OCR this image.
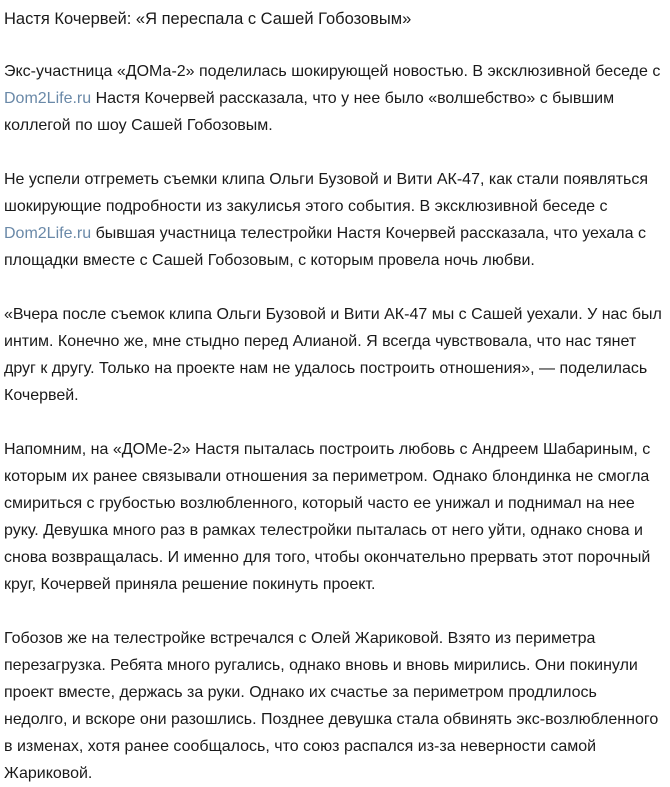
Настя Кочервей: «Я переспала с Сашей Гобозовым»

Экс-участница «ДОМа-2» поделилась шокирующей новостью. В эксклюзивной беседе с Dom2Life.ru Настя Кочервей рассказала, что у нее было «волшебство» с бывшим коллегой по шоу Сашей Гобозовым.

Не успели отгреметь съемки клипа Ольги Бузовой и Вити АК-47, как стали появляться шокирующие подробности из закулисья этого события. В эксклюзивной беседе с Dom2Life.ru бывшая участница телестройки Настя Кочервей рассказала, что уехала с площадки вместе с Сашей Гобозовым, с которым провела ночь любви.

«Вчера после съемок клипа Ольги Бузовой и Вити АК-47 мы с Сашей уехали. У нас был интим. Конечно же, мне стыдно перед Алианой. Я всегда чувствовала, что нас тянет друг к другу. Только на проекте нам не удалось построить отношения», — поделилась Кочервей.

Напомним, на «ДОМе-2» Настя пыталась построить любовь с Андреем Шабариным, с которым их ранее связывали отношения за периметром. Однако блондинка не смогла смириться с грубостью возлюбленного, который часто ее унижал и поднимал на нее руку. Девушка много раз в рамках телестройки пыталась от него уйти, однако снова и снова возвращалась. И именно для того, чтобы окончательно прервать этот порочный круг, Кочервей приняла решение покинуть проект.

Гобозов же на телестройке встречался с Олей Жариковой. Взято из периметра перезагрузка. Ребята много ругались, однако вновь и вновь мирились. Они покинули проект вместе, держась за руки. Однако их счастье за периметром продлилось недолго, и вскоре они разошлись. Позднее девушка стала обвинять экс-возлюбленного в изменах, хотя ранее сообщалось, что союз распался из-за неверности самой Жариковой.
